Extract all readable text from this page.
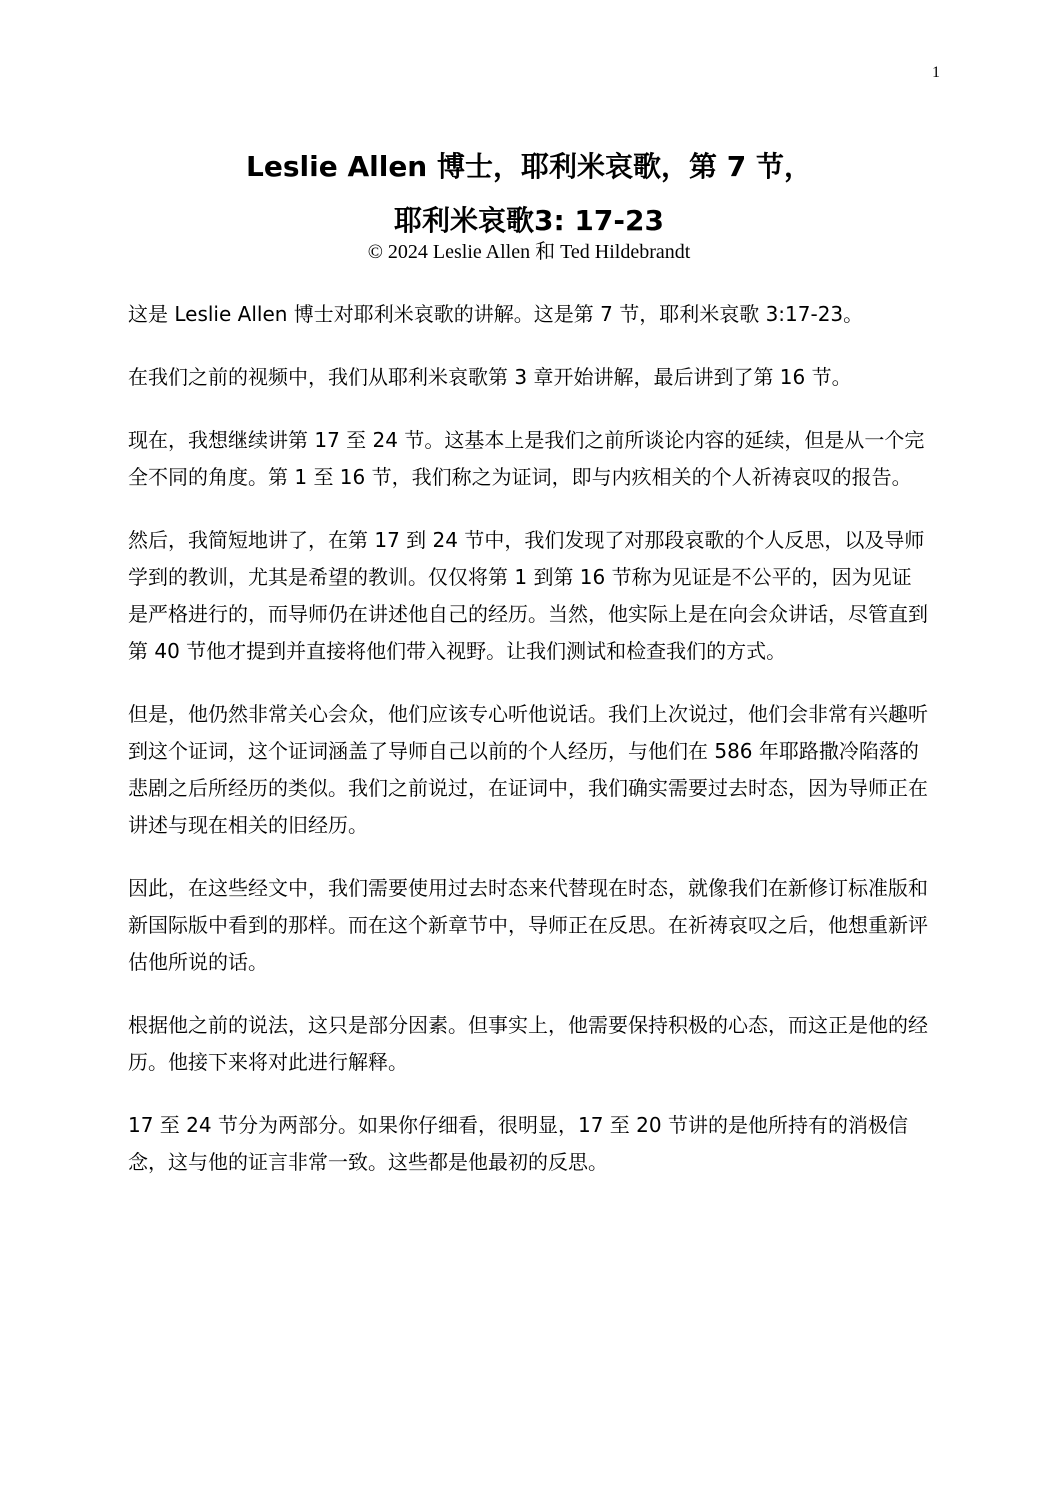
1
Leslie Allen 博士，耶利米哀歌，第 7 节，
耶利米哀歌3: 17-23
© 2024 Leslie Allen 和 Ted Hildebrandt

这是 Leslie Allen 博士对耶利米哀歌的讲解。这是第 7 节，耶利米哀歌 3:17-23。

在我们之前的视频中，我们从耶利米哀歌第 3 章开始讲解，最后讲到了第 16 节。

现在，我想继续讲第 17 至 24 节。这基本上是我们之前所谈论内容的延续，但是从一个完全不同的角度。第 1 至 16 节，我们称之为证词，即与内疚相关的个人祈祷哀叹的报告。

然后，我简短地讲了，在第 17 到 24 节中，我们发现了对那段哀歌的个人反思，以及导师学到的教训，尤其是希望的教训。仅仅将第 1 到第 16 节称为见证是不公平的，因为见证是严格进行的，而导师仍在讲述他自己的经历。当然，他实际上是在向会众讲话，尽管直到第 40 节他才提到并直接将他们带入视野。让我们测试和检查我们的方式。

但是，他仍然非常关心会众，他们应该专心听他说话。我们上次说过，他们会非常有兴趣听到这个证词，这个证词涵盖了导师自己以前的个人经历，与他们在 586 年耶路撒冷陷落的悲剧之后所经历的类似。我们之前说过，在证词中，我们确实需要过去时态，因为导师正在讲述与现在相关的旧经历。

因此，在这些经文中，我们需要使用过去时态来代替现在时态，就像我们在新修订标准版和新国际版中看到的那样。而在这个新章节中，导师正在反思。在祈祷哀叹之后，他想重新评估他所说的话。

根据他之前的说法，这只是部分因素。但事实上，他需要保持积极的心态，而这正是他的经历。他接下来将对此进行解释。

17 至 24 节分为两部分。如果你仔细看，很明显，17 至 20 节讲的是他所持有的消极信念，这与他的证言非常一致。这些都是他最初的反思。
